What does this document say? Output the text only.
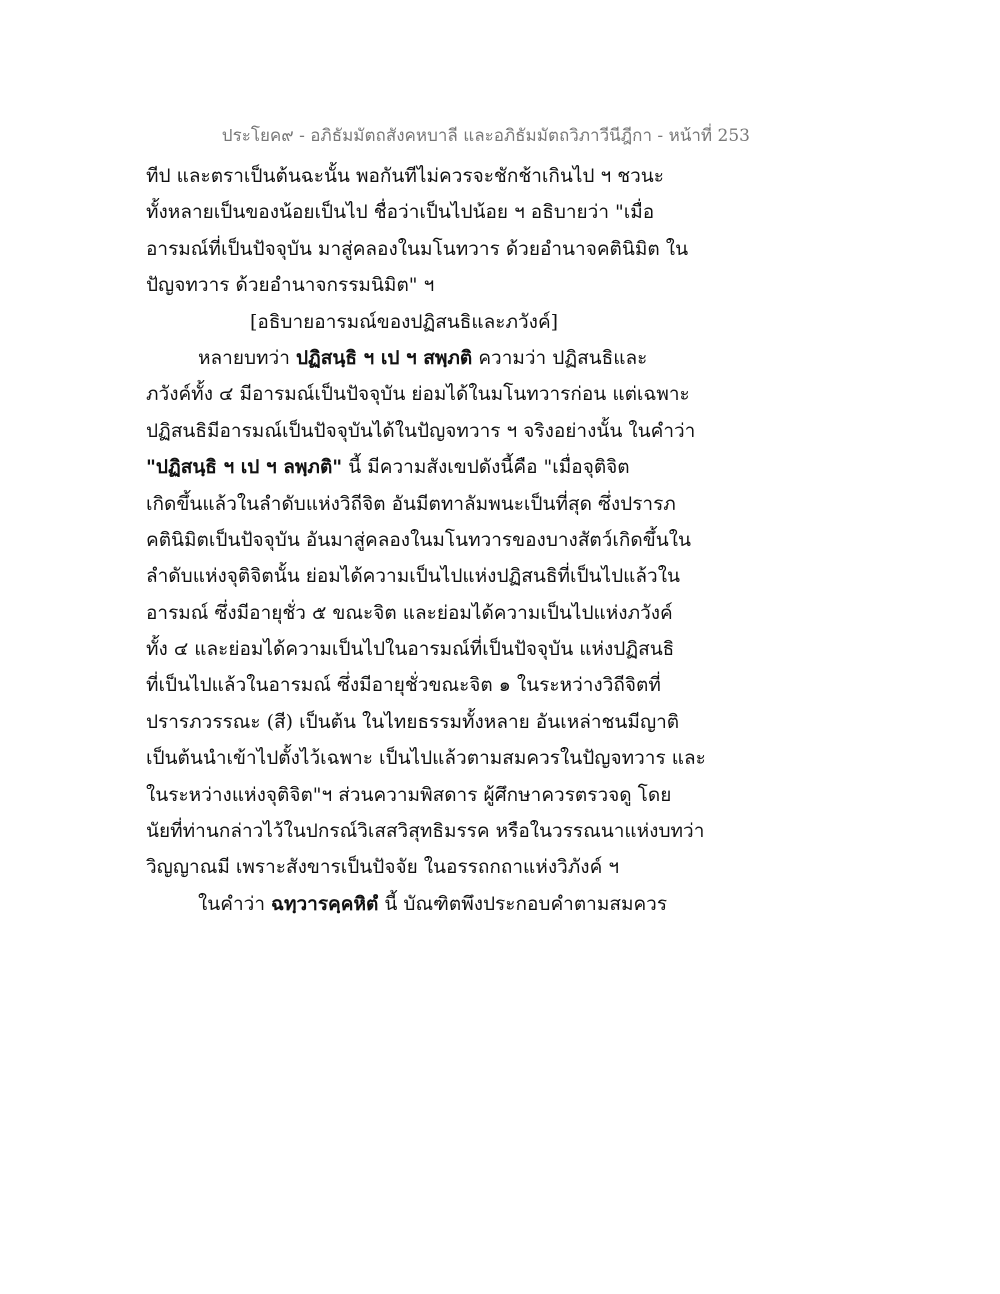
ประโยค๙ - อภิธัมมัตถสังคหบาลี และอภิธัมมัตถวิภาวีนีฎีกา - หน้าที่ 253
ทีป และตราเป็นต้นฉะนั้น พอกันทีไม่ควรจะชักช้าเกินไป ฯ ชวนะ
ทั้งหลายเป็นของน้อยเป็นไป ชื่อว่าเป็นไปน้อย ฯ อธิบายว่า "เมื่อ
อารมณ์ที่เป็นปัจจุบัน มาสู่คลองในมโนทวาร ด้วยอำนาจคตินิมิต ใน
ปัญจทวาร ด้วยอำนาจกรรมนิมิต" ฯ
[อธิบายอารมณ์ของปฏิสนธิและภวังค์]
หลายบทว่า ปฏิสนฺธิ ฯ เป ฯ สพฺภติ ความว่า ปฏิสนธิและ
ภวังค์ทั้ง ๔ มีอารมณ์เป็นปัจจุบัน ย่อมได้ในมโนทวารก่อน แต่เฉพาะ
ปฏิสนธิมีอารมณ์เป็นปัจจุบันได้ในปัญจทวาร ฯ จริงอย่างนั้น ในคำว่า
"ปฏิสนฺธิ ฯ เป ฯ ลพฺภติ" นี้ มีความสังเขปดังนี้คือ "เมื่อจุติจิต
เกิดขึ้นแล้วในลำดับแห่งวิถีจิต อันมีตทาลัมพนะเป็นที่สุด ซึ่งปรารภ
คตินิมิตเป็นปัจจุบัน อันมาสู่คลองในมโนทวารของบางสัตว์เกิดขึ้นใน
ลำดับแห่งจุติจิตนั้น ย่อมได้ความเป็นไปแห่งปฏิสนธิที่เป็นไปแล้วใน
อารมณ์ ซึ่งมีอายุชั่ว ๕ ขณะจิต และย่อมได้ความเป็นไปแห่งภวังค์
ทั้ง ๔ และย่อมได้ความเป็นไปในอารมณ์ที่เป็นปัจจุบัน แห่งปฏิสนธิ
ที่เป็นไปแล้วในอารมณ์ ซึ่งมีอายุชั่วขณะจิต ๑ ในระหว่างวิถีจิตที่
ปรารภวรรณะ (สี) เป็นต้น ในไทยธรรมทั้งหลาย อันเหล่าชนมีญาติ
เป็นต้นนำเข้าไปตั้งไว้เฉพาะ เป็นไปแล้วตามสมควรในปัญจทวาร และ
ในระหว่างแห่งจุติจิต"ฯ ส่วนความพิสดาร ผู้ศึกษาควรตรวจดู โดย
นัยที่ท่านกล่าวไว้ในปกรณ์วิเสสวิสุทธิมรรค หรือในวรรณนาแห่งบทว่า
วิญญาณมี เพราะสังขารเป็นปัจจัย ในอรรถกถาแห่งวิภังค์ ฯ
ในคำว่า ฉทฺวารคฺคหิตํ นี้ บัณฑิตพึงประกอบคำตามสมควร
